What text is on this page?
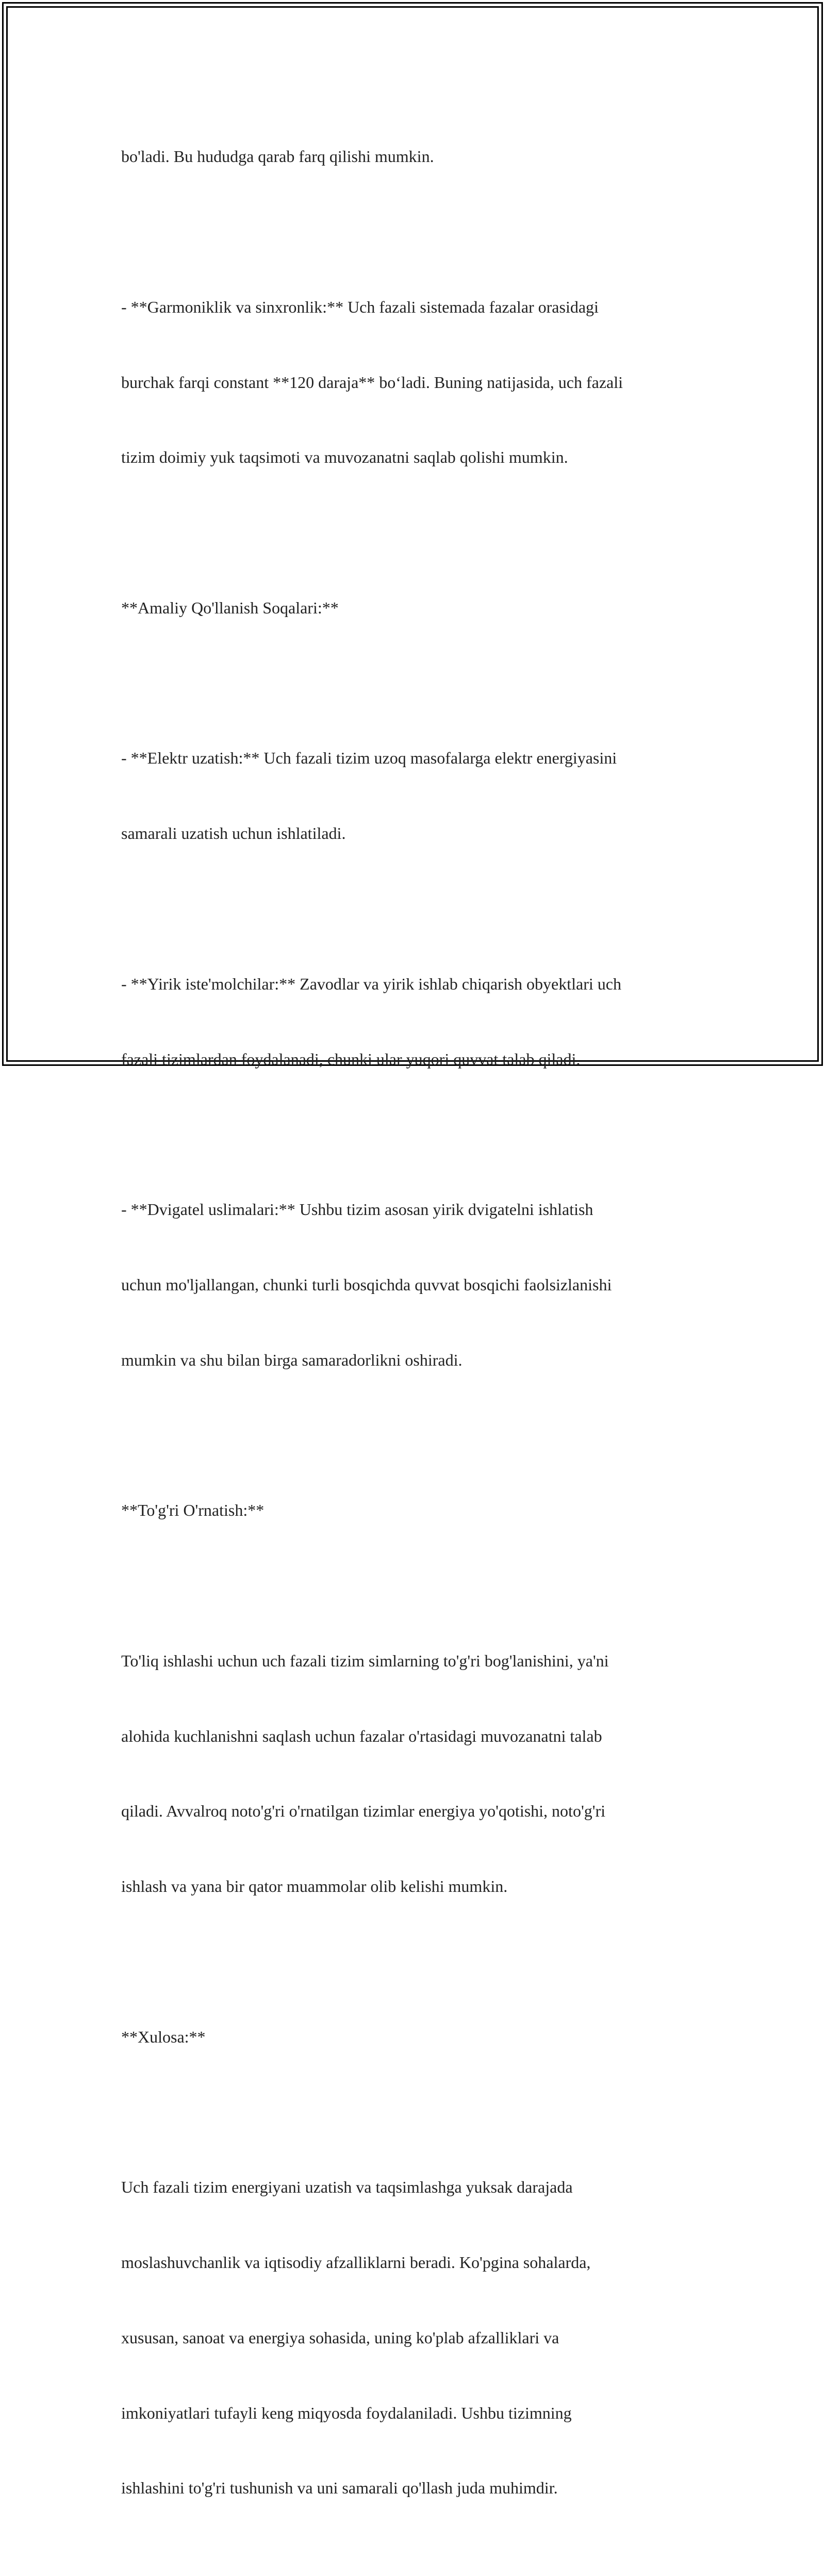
bo'ladi. Bu hududga qarab farq qilishi mumkin.

- **Garmoniklik va sinxronlik:** Uch fazali sistemada fazalar orasidagi

burchak farqi constant **120 daraja** bo‘ladi. Buning natijasida, uch fazali

tizim doimiy yuk taqsimoti va muvozanatni saqlab qolishi mumkin.

**Amaliy Qo'llanish Soqalari:**

- **Elektr uzatish:** Uch fazali tizim uzoq masofalarga elektr energiyasini

samarali uzatish uchun ishlatiladi.

- **Yirik iste'molchilar:** Zavodlar va yirik ishlab chiqarish obyektlari uch

fazali tizimlardan foydalanadi, chunki ular yuqori quvvat talab qiladi.

- **Dvigatel uslimalari:** Ushbu tizim asosan yirik dvigatelni ishlatish

uchun mo'ljallangan, chunki turli bosqichda quvvat bosqichi faolsizlanishi

mumkin va shu bilan birga samaradorlikni oshiradi.

**To'g'ri O'rnatish:**

To'liq ishlashi uchun uch fazali tizim simlarning to'g'ri bog'lanishini, ya'ni

alohida kuchlanishni saqlash uchun fazalar o'rtasidagi muvozanatni talab

qiladi. Avvalroq noto'g'ri o'rnatilgan tizimlar energiya yo'qotishi, noto'g'ri

ishlash va yana bir qator muammolar olib kelishi mumkin.

**Xulosa:**

Uch fazali tizim energiyani uzatish va taqsimlashga yuksak darajada

moslashuvchanlik va iqtisodiy afzalliklarni beradi. Ko'pgina sohalarda,

xususan, sanoat va energiya sohasida, uning ko'plab afzalliklari va

imkoniyatlari tufayli keng miqyosda foydalaniladi. Ushbu tizimning

ishlashini to'g'ri tushunish va uni samarali qo'llash juda muhimdir.
